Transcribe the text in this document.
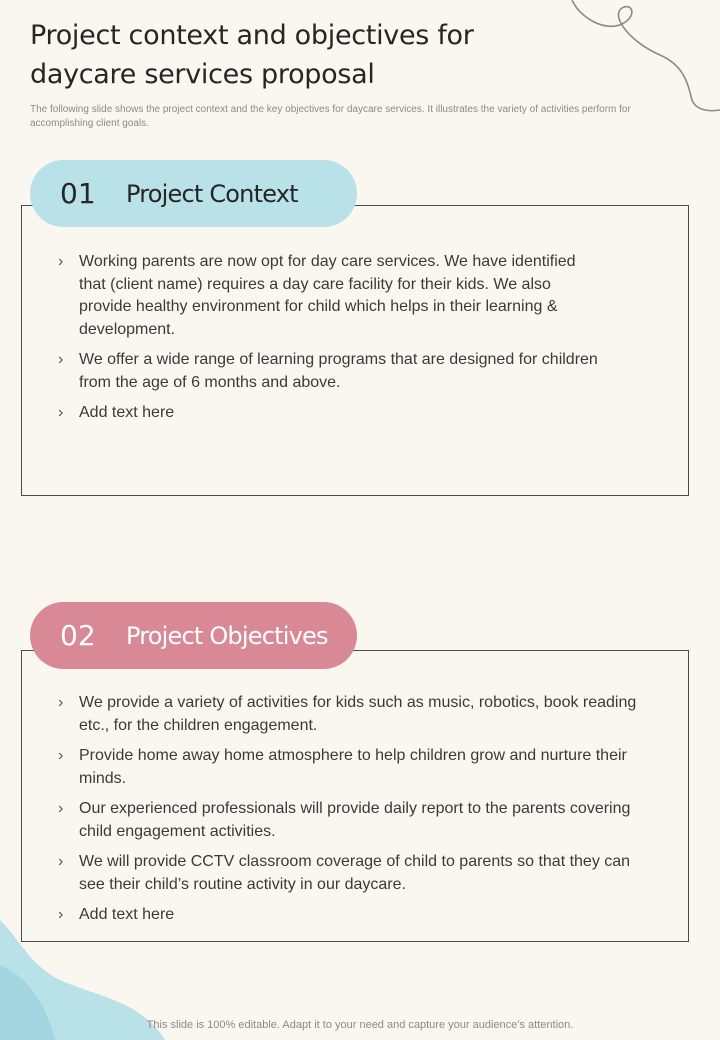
Project context and objectives for
daycare services proposal

The following slide shows the project context and the key objectives for daycare services. It illustrates the variety of activities perform for accomplishing client goals.

01	Project Context
› Working parents are now opt for day care services. We have identified that (client name) requires a day care facility for their kids. We also provide healthy environment for child which helps in their learning & development.
› We offer a wide range of learning programs that are designed for children from the age of 6 months and above.
› Add text here
02	Project Objectives
› We provide a variety of activities for kids such as music, robotics, book reading etc., for the children engagement.
› Provide home away home atmosphere to help children grow and nurture their minds.
› Our experienced professionals will provide daily report to the parents covering child engagement activities.
› We will provide CCTV classroom coverage of child to parents so that they can see their child’s routine activity in our daycare.
› Add text here
This slide is 100% editable. Adapt it to your need and capture your audience’s attention.
